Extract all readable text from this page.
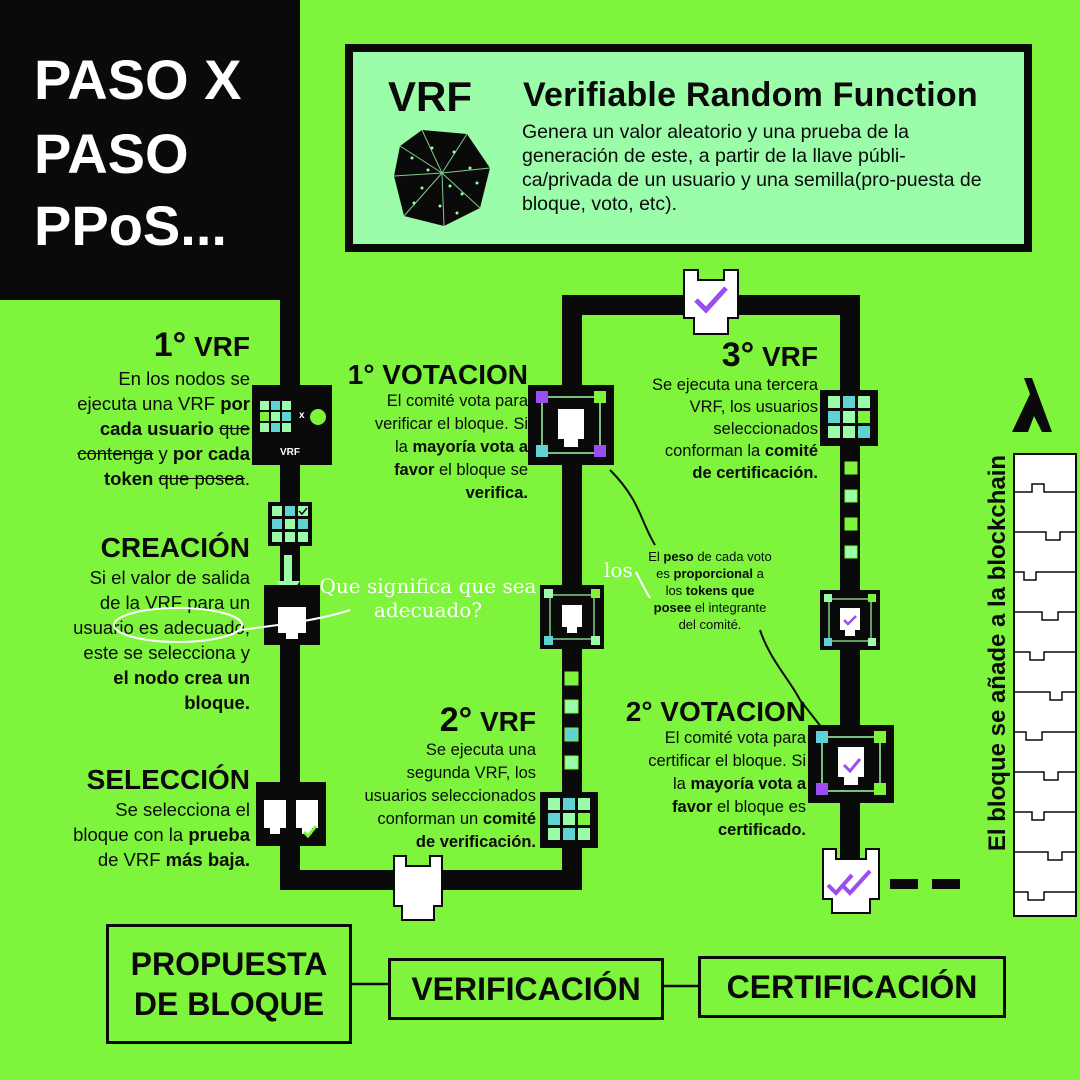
PASO X
PASO
PPoS...
VRF Verifiable Random Function
Genera un valor aleatorio y una prueba de la generación de este, a partir de la llave públi-ca/privada de un usuario y una semilla(pro-puesta de bloque, voto, etc).
1° VRF
En los nodos se
ejecuta una VRF por
cada usuario que
contenga y por cada
token que posea.
x
VRF
CREACIÓN
Si el valor de salida
de la VRF para un
usuario es adecuado,
este se selecciona y
el nodo crea un
bloque.
SELECCIÓN
Se selecciona el
bloque con la prueba
de VRF más baja.
1° VOTACION
El comité vota para
verificar el bloque. Si
la mayoría vota a
favor el bloque se
verifica.
2° VRF
Se ejecuta una
segunda VRF, los
usuarios seleccionados
conforman un comité
de verificación.
3° VRF
Se ejecuta una tercera
VRF, los usuarios
seleccionados
conforman la comité
de certificación.
2° VOTACION
El comité vota para
certificar el bloque. Si
la mayoría vota a
favor el bloque es
certificado.
El peso de cada voto
es proporcional a
los tokens que
posee el integrante
del comité.
Que significa que sea
adecuado?
los	El bloque se añade a la blockchain
PROPUESTA
DE BLOQUE	VERIFICACIÓN	CERTIFICACIÓN
